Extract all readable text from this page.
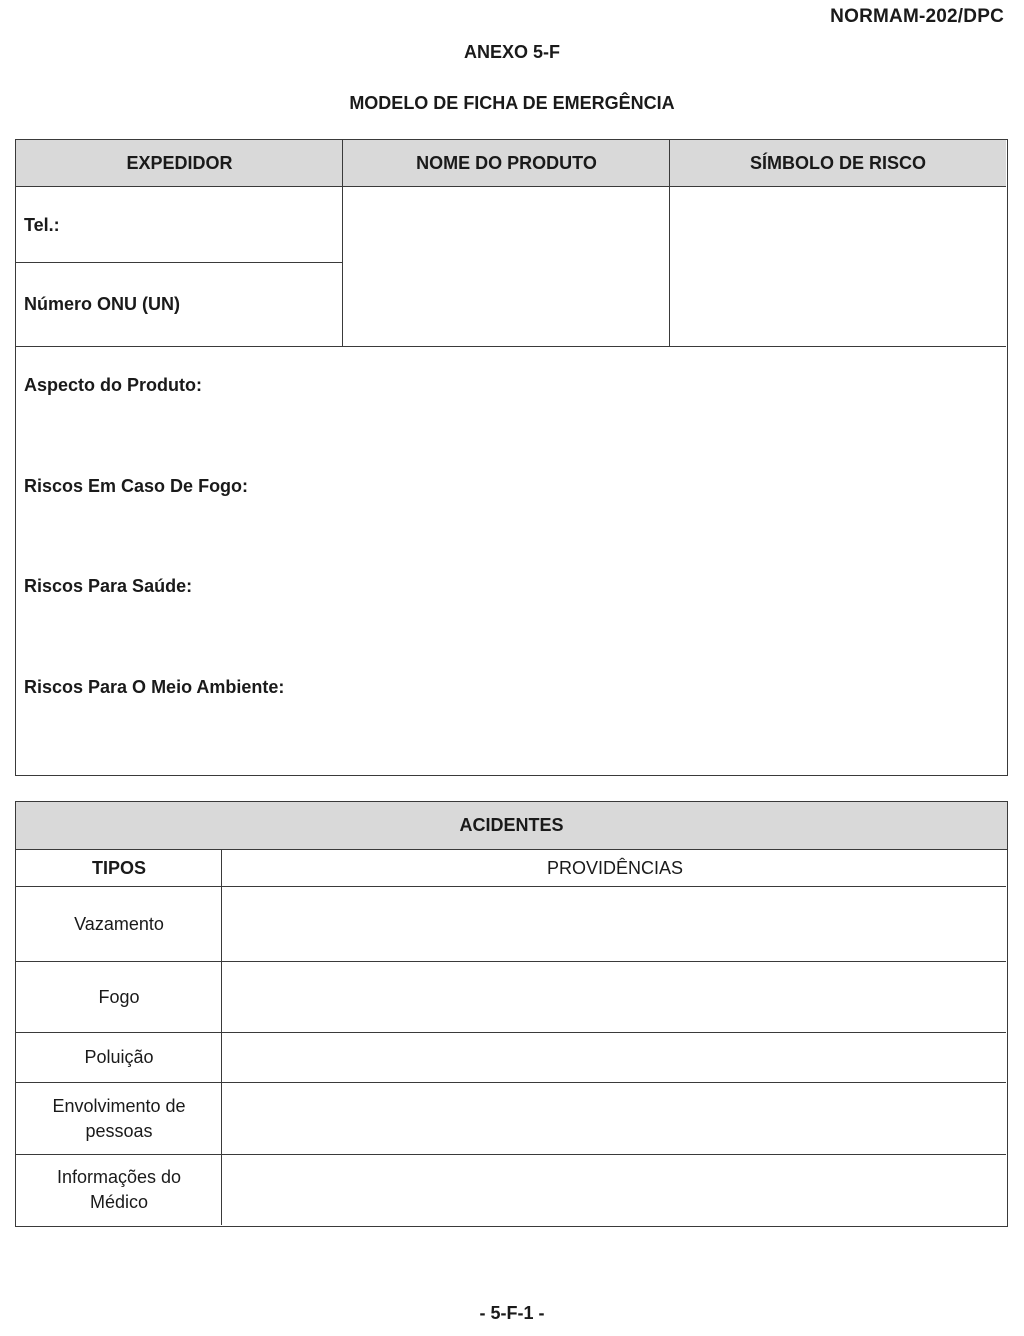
NORMAM-202/DPC
ANEXO 5-F
MODELO DE FICHA DE EMERGÊNCIA
EXPEDIDOR	NOME DO PRODUTO	SÍMBOLO DE RISCO
Tel.:
Número ONU (UN)
Aspecto do Produto:
Riscos Em Caso De Fogo:
Riscos Para Saúde:
Riscos Para O Meio Ambiente:
ACIDENTES
TIPOS	PROVIDÊNCIAS
Vazamento
Fogo
Poluição
Envolvimento de pessoas
Informações do Médico
- 5-F-1 -
